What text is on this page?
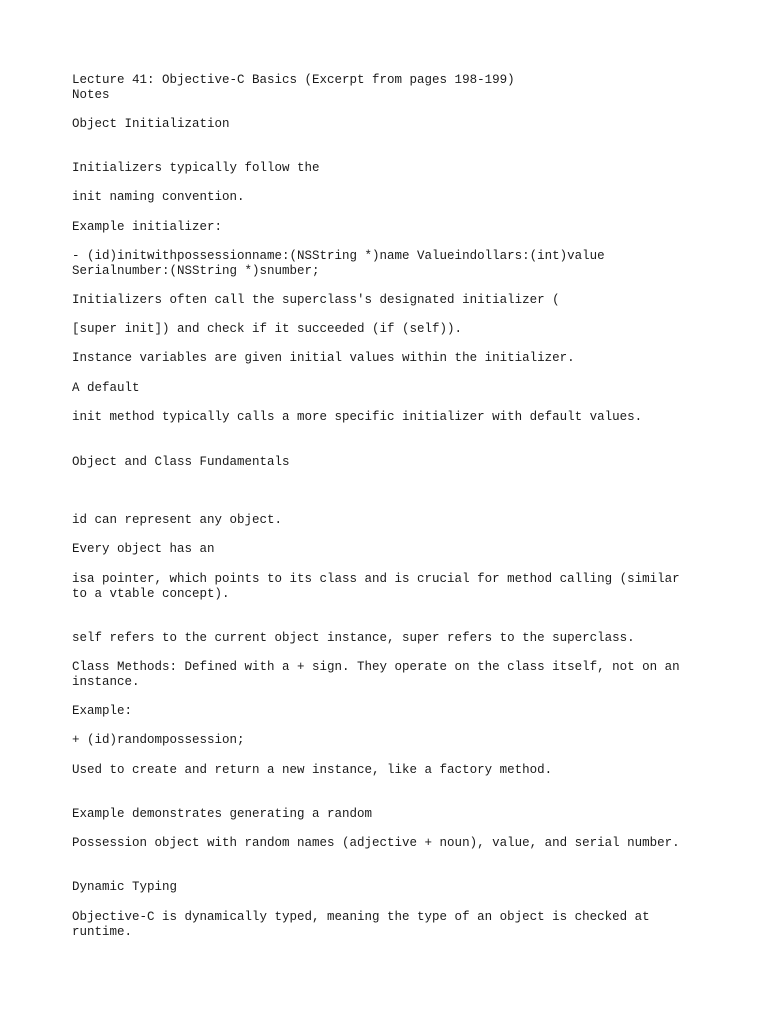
Lecture 41: Objective-C Basics (Excerpt from pages 198-199)

Notes

Object Initialization

Initializers typically follow the

init naming convention.

Example initializer:

- (id)initwithpossessionname:(NSString *)name Valueindollars:(int)value
Serialnumber:(NSString *)snumber;

Initializers often call the superclass's designated initializer (

[super init]) and check if it succeeded (if (self)).

Instance variables are given initial values within the initializer.

A default

init method typically calls a more specific initializer with default values.

Object and Class Fundamentals

id can represent any object.

Every object has an

isa pointer, which points to its class and is crucial for method calling (similar
to a vtable concept).

self refers to the current object instance, super refers to the superclass.

Class Methods: Defined with a + sign. They operate on the class itself, not on an
instance.

Example:

+ (id)randompossession;

Used to create and return a new instance, like a factory method.

Example demonstrates generating a random

Possession object with random names (adjective + noun), value, and serial number.

Dynamic Typing

Objective-C is dynamically typed, meaning the type of an object is checked at
runtime.
